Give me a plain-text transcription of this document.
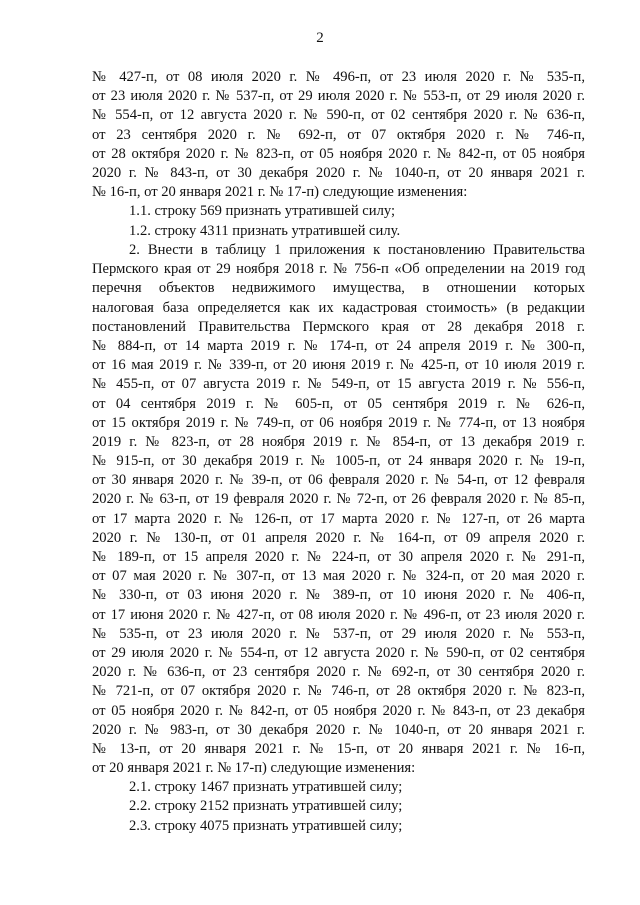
2
№ 427-п, от 08 июля 2020 г. № 496-п, от 23 июля 2020 г. № 535-п,
от 23 июля 2020 г. № 537-п, от 29 июля 2020 г. № 553-п, от 29 июля 2020 г.
№ 554-п, от 12 августа 2020 г. № 590-п, от 02 сентября 2020 г. № 636-п,
от 23 сентября 2020 г. № 692-п, от 07 октября 2020 г. № 746-п,
от 28 октября 2020 г. № 823-п, от 05 ноября 2020 г. № 842-п, от 05 ноября
2020 г. № 843-п, от 30 декабря 2020 г. № 1040-п, от 20 января 2021 г.
№ 16-п, от 20 января 2021 г. № 17-п) следующие изменения:
1.1. строку 569 признать утратившей силу;
1.2. строку 4311 признать утратившей силу.
2. Внести в таблицу 1 приложения к постановлению Правительства
Пермского края от 29 ноября 2018 г. № 756-п «Об определении на 2019 год
перечня объектов недвижимого имущества, в отношении которых
налоговая база определяется как их кадастровая стоимость» (в редакции
постановлений Правительства Пермского края от 28 декабря 2018 г.
№ 884-п, от 14 марта 2019 г. № 174-п, от 24 апреля 2019 г. № 300-п,
от 16 мая 2019 г. № 339-п, от 20 июня 2019 г. № 425-п, от 10 июля 2019 г.
№ 455-п, от 07 августа 2019 г. № 549-п, от 15 августа 2019 г. № 556-п,
от 04 сентября 2019 г. № 605-п, от 05 сентября 2019 г. № 626-п,
от 15 октября 2019 г. № 749-п, от 06 ноября 2019 г. № 774-п, от 13 ноября
2019 г. № 823-п, от 28 ноября 2019 г. № 854-п, от 13 декабря 2019 г.
№ 915-п, от 30 декабря 2019 г. № 1005-п, от 24 января 2020 г. № 19-п,
от 30 января 2020 г. № 39-п, от 06 февраля 2020 г. № 54-п, от 12 февраля
2020 г. № 63-п, от 19 февраля 2020 г. № 72-п, от 26 февраля 2020 г. № 85-п,
от 17 марта 2020 г. № 126-п, от 17 марта 2020 г. № 127-п, от 26 марта
2020 г. № 130-п, от 01 апреля 2020 г. № 164-п, от 09 апреля 2020 г.
№ 189-п, от 15 апреля 2020 г. № 224-п, от 30 апреля 2020 г. № 291-п,
от 07 мая 2020 г. № 307-п, от 13 мая 2020 г. № 324-п, от 20 мая 2020 г.
№ 330-п, от 03 июня 2020 г. № 389-п, от 10 июня 2020 г. № 406-п,
от 17 июня 2020 г. № 427-п, от 08 июля 2020 г. № 496-п, от 23 июля 2020 г.
№ 535-п, от 23 июля 2020 г. № 537-п, от 29 июля 2020 г. № 553-п,
от 29 июля 2020 г. № 554-п, от 12 августа 2020 г. № 590-п, от 02 сентября
2020 г. № 636-п, от 23 сентября 2020 г. № 692-п, от 30 сентября 2020 г.
№ 721-п, от 07 октября 2020 г. № 746-п, от 28 октября 2020 г. № 823-п,
от 05 ноября 2020 г. № 842-п, от 05 ноября 2020 г. № 843-п, от 23 декабря
2020 г. № 983-п, от 30 декабря 2020 г. № 1040-п, от 20 января 2021 г.
№ 13-п, от 20 января 2021 г. № 15-п, от 20 января 2021 г. № 16-п,
от 20 января 2021 г. № 17-п) следующие изменения:
2.1. строку 1467 признать утратившей силу;
2.2. строку 2152 признать утратившей силу;
2.3. строку 4075 признать утратившей силу;
